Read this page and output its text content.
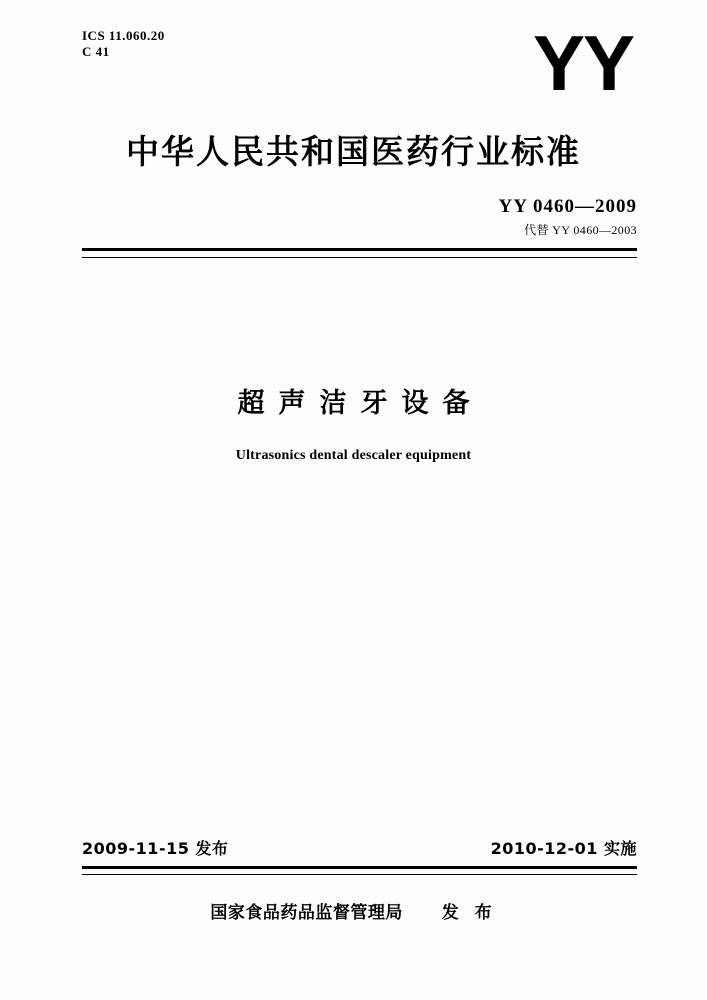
ICS 11.060.20
C 41	YY
中华人民共和国医药行业标准
YY 0460—2009
代替 YY 0460—2003
超声洁牙设备
Ultrasonics dental descaler equipment
2009-11-15 发布	2010-12-01 实施
国家食品药品监督管理局 发 布
